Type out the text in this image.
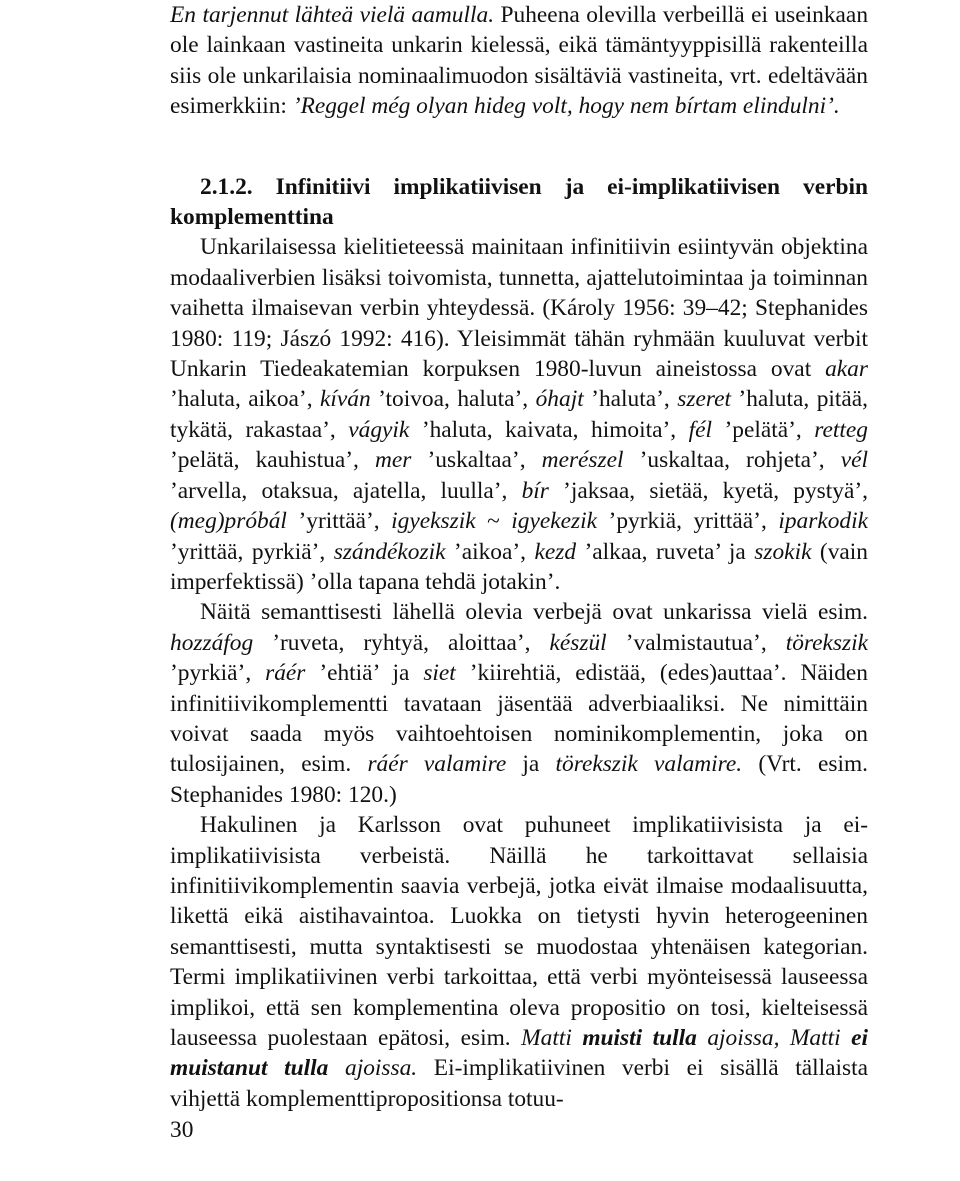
En tarjennut lähteä vielä aamulla. Puheena olevilla verbeillä ei useinkaan ole lainkaan vastineita unkarin kielessä, eikä tämäntyyppisillä rakenteilla siis ole unkarilaisia nominaalimuodon sisältäviä vastineita, vrt. edeltävään esimerkkiin: ’Reggel még olyan hideg volt, hogy nem bírtam elindulni’.

2.1.2. Infinitiivi implikatiivisen ja ei-implikatiivisen verbin komplementtina

Unkarilaisessa kielitieteessä mainitaan infinitiivin esiintyvän objektina modaaliverbien lisäksi toivomista, tunnetta, ajattelutoimintaa ja toiminnan vaihetta ilmaisevan verbin yhteydessä. (Károly 1956: 39–42; Stephanides 1980: 119; Jászó 1992: 416). Yleisimmät tähän ryhmään kuuluvat verbit Unkarin Tiedeakatemian korpuksen 1980-luvun aineistossa ovat akar ’haluta, aikoa’, kíván ’toivoa, haluta’, óhajt ’haluta’, szeret ’haluta, pitää, tykätä, rakastaa’, vágyik ’haluta, kaivata, himoita’, fél ’pelätä’, retteg ’pelätä, kauhistua’, mer ’uskaltaa’, merészel ’uskaltaa, rohjeta’, vél ’arvella, otaksua, ajatella, luulla’, bír ’jaksaa, sietää, kyetä, pystyä’, (meg)próbál ’yrittää’, igyekszik ~ igyekezik ’pyrkiä, yrittää’, iparkodik ’yrittää, pyrkiä’, szándékozik ’aikoa’, kezd ’alkaa, ruveta’ ja szokik (vain imperfektissä) ’olla tapana tehdä jotakin’.

Näitä semanttisesti lähellä olevia verbejä ovat unkarissa vielä esim. hozzáfog ’ruveta, ryhtyä, aloittaa’, készül ’valmistautua’, törekszik ’pyrkiä’, ráér ’ehtiä’ ja siet ’kiirehtiä, edistää, (edes)auttaa’. Näiden infinitiivikomplementti tavataan jäsentää adverbiaaliksi. Ne nimittäin voivat saada myös vaihtoehtoisen nominikomplementin, joka on tulosijainen, esim. ráér valamire ja törekszik valamire. (Vrt. esim. Stephanides 1980: 120.)

Hakulinen ja Karlsson ovat puhuneet implikatiivisista ja ei-implikatiivisista verbeistä. Näillä he tarkoittavat sellaisia infinitiivikomplementin saavia verbejä, jotka eivät ilmaise modaalisuutta, likettä eikä aistihavaintoa. Luokka on tietysti hyvin heterogeeninen semanttisesti, mutta syntaktisesti se muodostaa yhtenäisen kategorian. Termi implikatiivinen verbi tarkoittaa, että verbi myönteisessä lauseessa implikoi, että sen komplementina oleva propositio on tosi, kielteisessä lauseessa puolestaan epätosi, esim. Matti muisti tulla ajoissa, Matti ei muistanut tulla ajoissa. Ei-implikatiivinen verbi ei sisällä tällaista vihjettä komplementtipropositionsa totuu-

30
